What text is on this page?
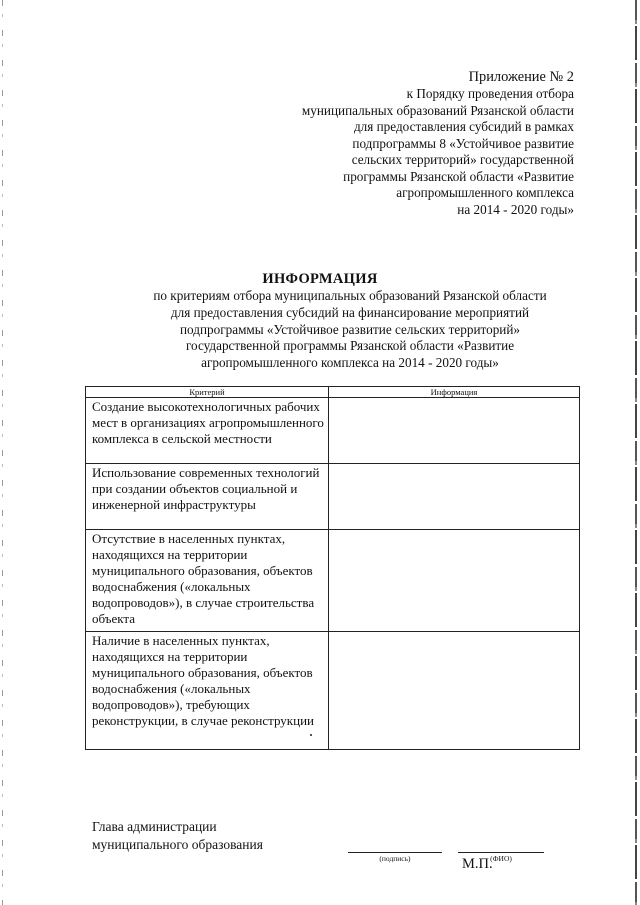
Приложение № 2
к Порядку проведения отбора
муниципальных образований Рязанской области
для предоставления субсидий в рамках
подпрограммы 8 «Устойчивое развитие
сельских территорий» государственной
программы Рязанской области «Развитие
агропромышленного комплекса
на 2014 - 2020 годы»
ИНФОРМАЦИЯ
по критериям отбора муниципальных образований Рязанской области
для предоставления субсидий на финансирование мероприятий
подпрограммы «Устойчивое развитие сельских территорий»
государственной программы Рязанской области «Развитие
агропромышленного комплекса на 2014 - 2020 годы»
Критерий	Информация
Создание высокотехнологичных рабочих мест в организациях агропромышленного комплекса в сельской местности	
Использование современных технологий при создании объектов социальной и инженерной инфраструктуры	
Отсутствие в населенных пунктах, находящихся на территории муниципального образования, объектов водоснабжения («локальных водопроводов»), в случае строительства объекта	
Наличие в населенных пунктах, находящихся на территории муниципального образования, объектов водоснабжения («локальных водопроводов»), требующих реконструкции, в случае реконструкции	
Глава администрации
муниципального образования
(подпись)	(ФИО)
М.П.
